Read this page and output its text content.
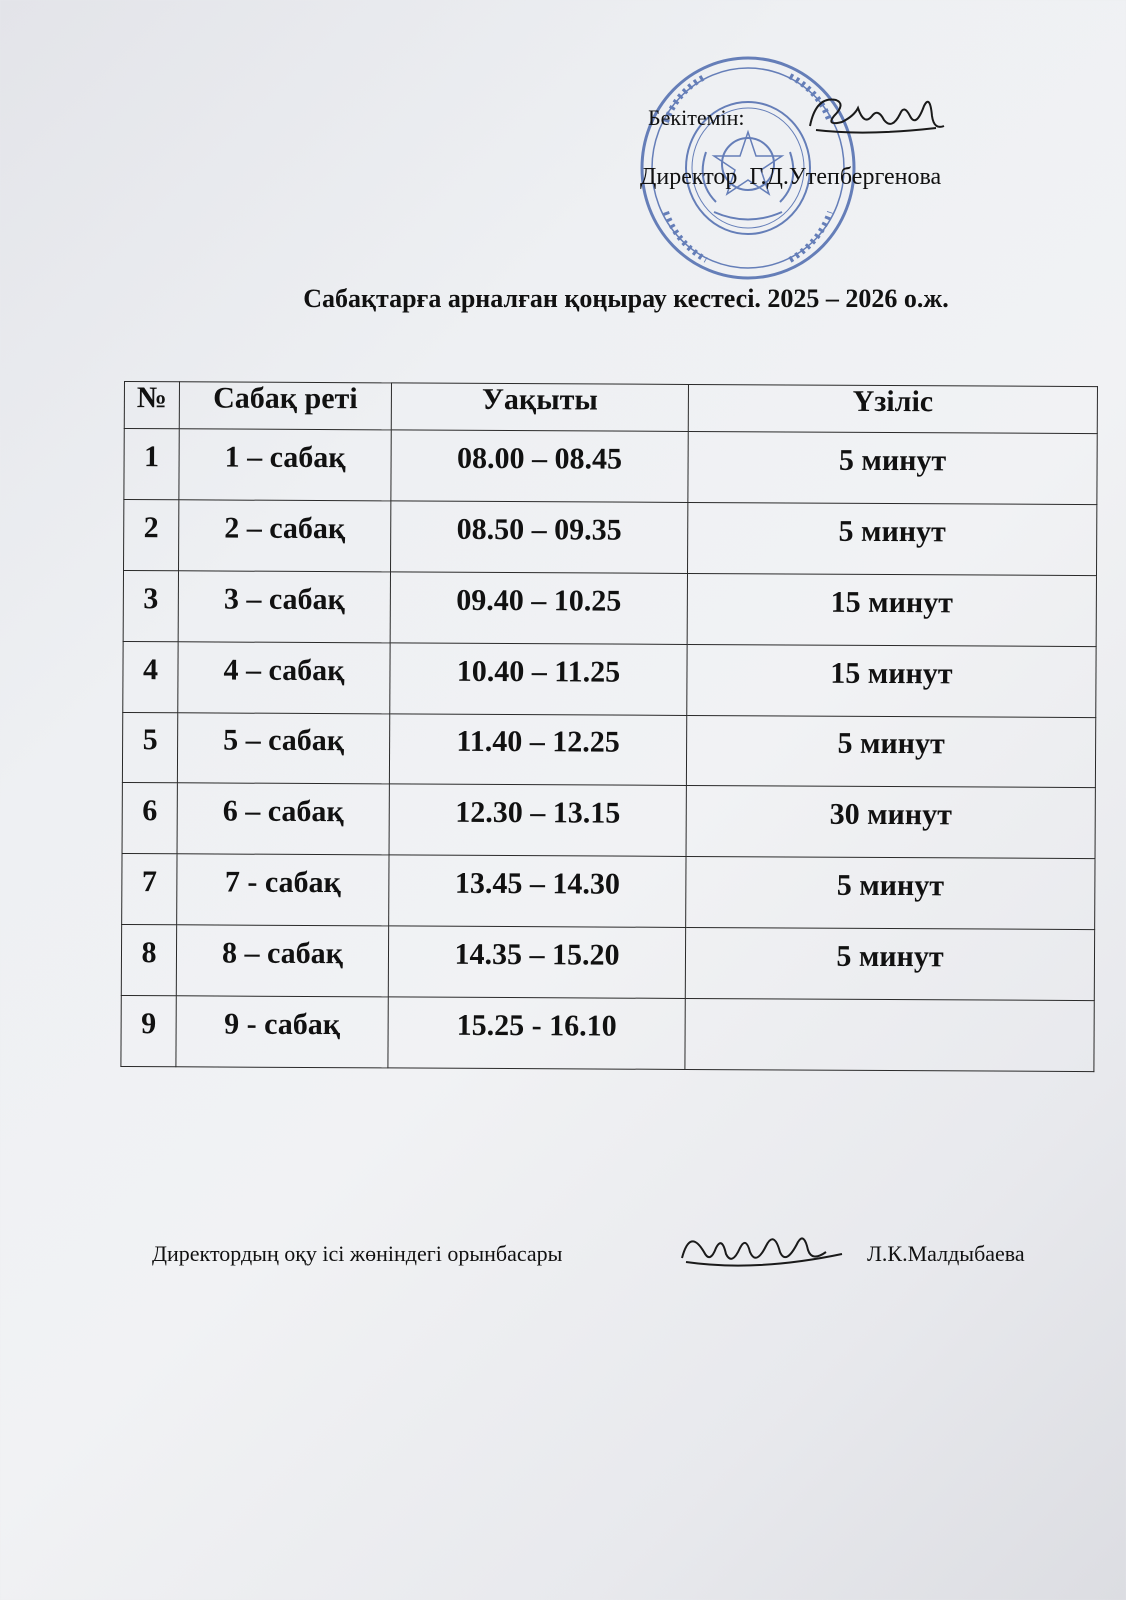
Бекітемін:
Директор  Г.Д.Утепбергенова
Сабақтарға арналған қоңырау кестесі. 2025 – 2026 о.ж.
№	Сабақ реті	Уақыты	Үзіліс
1	1 – сабақ	08.00 – 08.45	5 минут
2	2 – сабақ	08.50 – 09.35	5 минут
3	3 – сабақ	09.40 – 10.25	15 минут
4	4 – сабақ	10.40 – 11.25	15 минут
5	5 – сабақ	11.40 – 12.25	5 минут
6	6 – сабақ	12.30 – 13.15	30 минут
7	7 - сабақ	13.45 – 14.30	5 минут
8	8 – сабақ	14.35 – 15.20	5 минут
9	9 - сабақ	15.25 - 16.10	
Директордың оқу ісі жөніндегі орынбасары	Л.К.Малдыбаева
